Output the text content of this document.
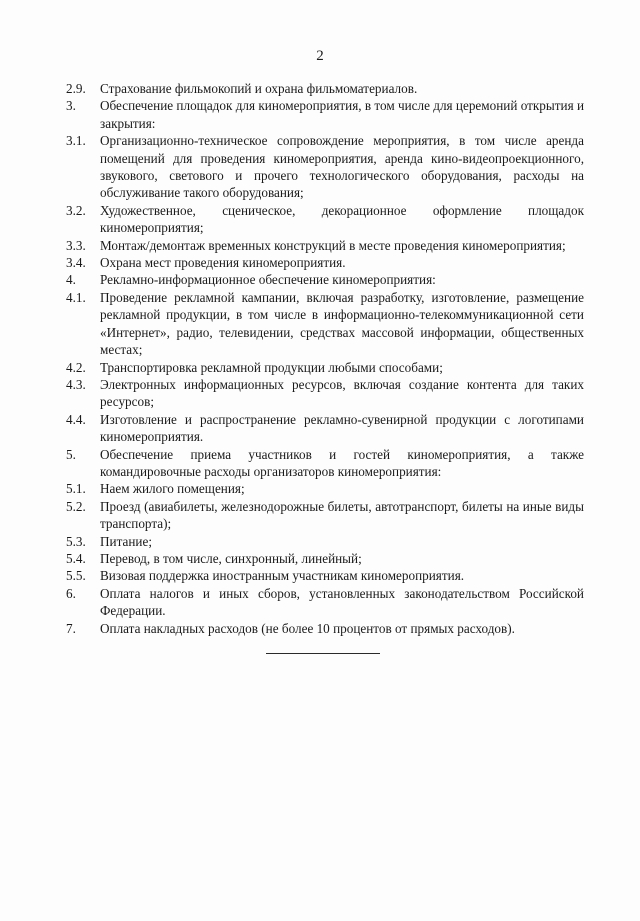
2
2.9.	Страхование фильмокопий и охрана фильмоматериалов.
3.	Обеспечение площадок для киномероприятия, в том числе для церемоний открытия и закрытия:
3.1.	Организационно-техническое сопровождение мероприятия, в том числе аренда помещений для проведения киномероприятия, аренда кино-видеопроекционного, звукового, светового и прочего технологического оборудования, расходы на обслуживание такого оборудования;
3.2.	Художественное, сценическое, декорационное оформление площадок киномероприятия;
3.3.	Монтаж/демонтаж временных конструкций в месте проведения киномероприятия;
3.4.	Охрана мест проведения киномероприятия.
4.	Рекламно-информационное обеспечение киномероприятия:
4.1.	Проведение рекламной кампании, включая разработку, изготовление, размещение рекламной продукции, в том числе в информационно-телекоммуникационной сети «Интернет», радио, телевидении, средствах массовой информации, общественных местах;
4.2.	Транспортировка рекламной продукции любыми способами;
4.3.	Электронных информационных ресурсов, включая создание контента для таких ресурсов;
4.4.	Изготовление и распространение рекламно-сувенирной продукции с логотипами киномероприятия.
5.	Обеспечение приема участников и гостей киномероприятия, а также командировочные расходы организаторов киномероприятия:
5.1.	Наем жилого помещения;
5.2.	Проезд (авиабилеты, железнодорожные билеты, автотранспорт, билеты на иные виды транспорта);
5.3.	Питание;
5.4.	Перевод, в том числе, синхронный, линейный;
5.5.	Визовая поддержка иностранным участникам киномероприятия.
6.	Оплата налогов и иных сборов, установленных законодательством Российской Федерации.
7.	Оплата накладных расходов (не более 10 процентов от прямых расходов).
